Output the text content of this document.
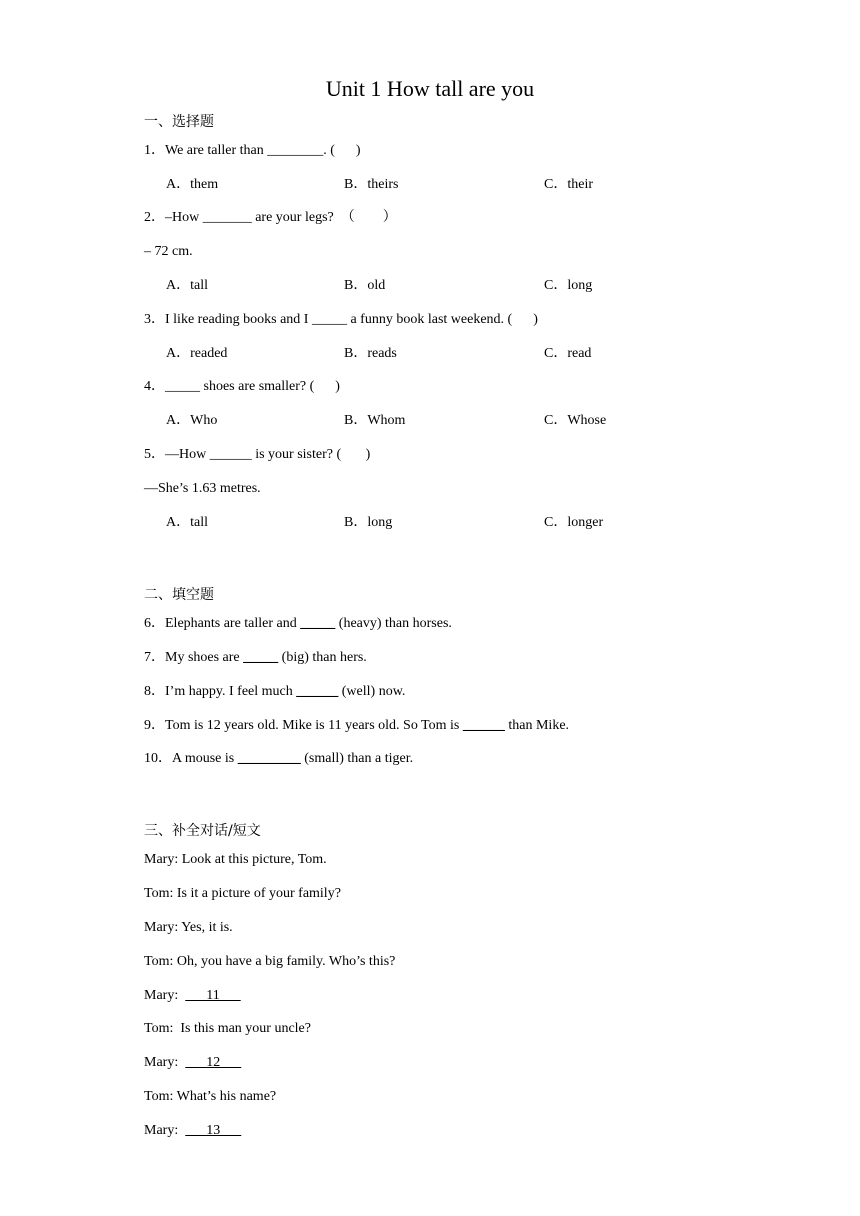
Unit 1 How tall are you
一、选择题
1．We are taller than ________. (      )
A．them	B．theirs	C．their
2．–How _______ are your legs?  （        ）
– 72 cm.
A．tall	B．old	C．long
3．I like reading books and I _____ a funny book last weekend. (      )
A．readed	B．reads	C．read
4．_____ shoes are smaller? (      )
A．Who	B．Whom	C．Whose
5．—How ______ is your sister? (       )
—She’s 1.63 metres.
A．tall	B．long	C．longer
二、填空题
6．Elephants are taller and _____ (heavy) than horses.
7．My shoes are _____ (big) than hers.
8．I’m happy. I feel much ______ (well) now.
9．Tom is 12 years old. Mike is 11 years old. So Tom is ______ than Mike.
10．A mouse is _________ (small) than a tiger.
三、补全对话/短文
Mary: Look at this picture, Tom.
Tom: Is it a picture of your family?
Mary: Yes, it is.
Tom: Oh, you have a big family. Who’s this?
Mary:        11
Tom:  Is this man your uncle?
Mary:        12
Tom: What’s his name?
Mary:        13
